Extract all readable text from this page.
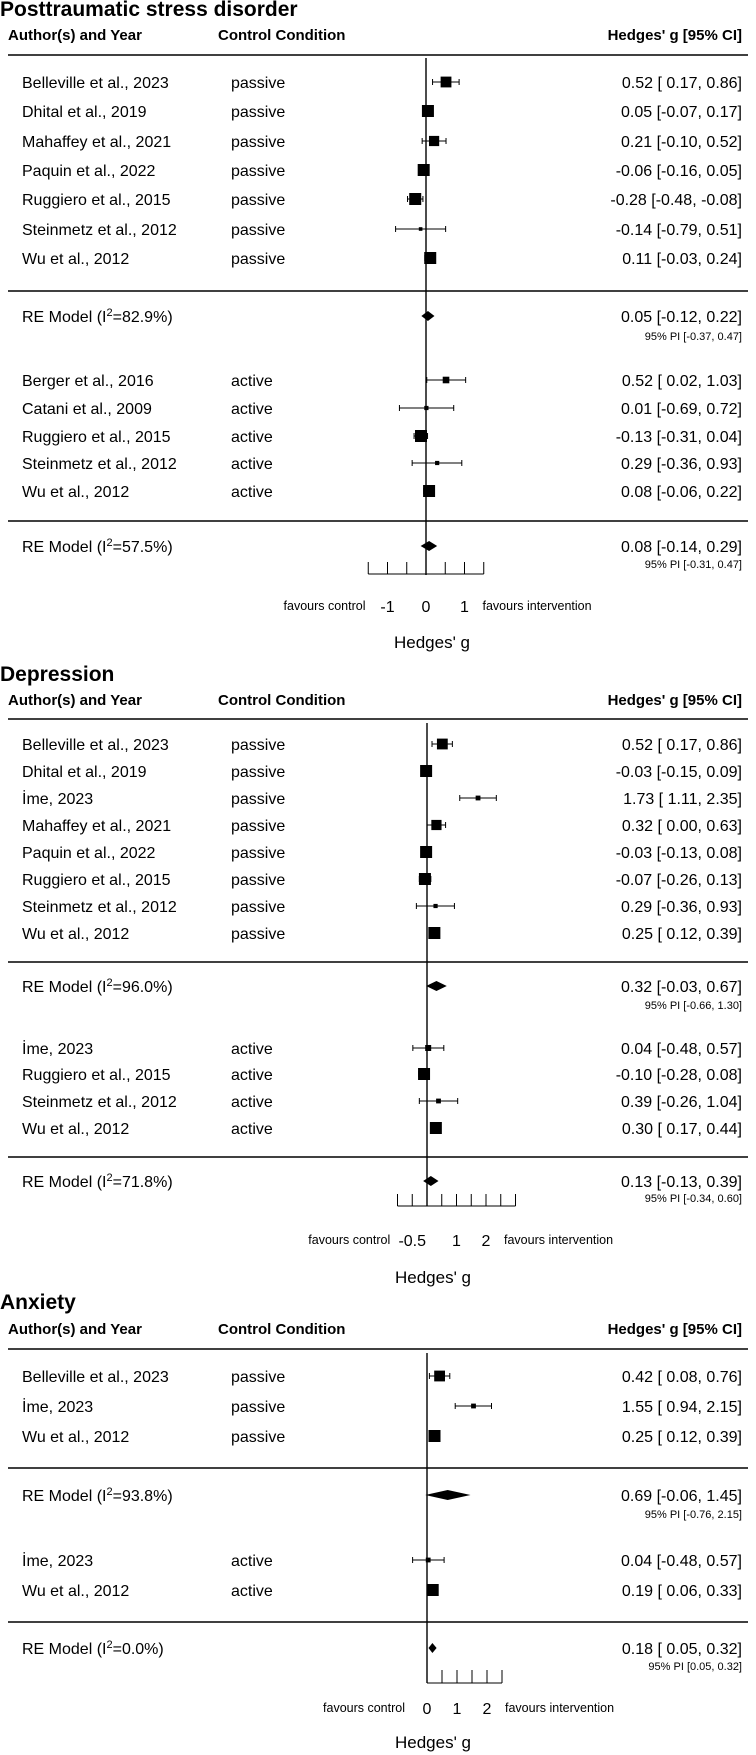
Posttraumatic stress disorder
Author(s) and Year	Control Condition	Hedges' g [95% CI]
Belleville et al., 2023	passive	0.52 [ 0.17, 0.86]
Dhital et al., 2019	passive	0.05 [-0.07, 0.17]
Mahaffey et al., 2021	passive	0.21 [-0.10, 0.52]
Paquin et al., 2022	passive	-0.06 [-0.16, 0.05]
Ruggiero et al., 2015	passive	-0.28 [-0.48, -0.08]
Steinmetz et al., 2012	passive	-0.14 [-0.79, 0.51]
Wu et al., 2012	passive	0.11 [-0.03, 0.24]
RE Model $(I^2=82.9\%)$	0.05 [-0.12, 0.22]
95% PI [-0.37, 0.47]
Berger et al., 2016	active	0.52 [ 0.02, 1.03]
Catani et al., 2009	active	0.01 [-0.69, 0.72]
Ruggiero et al., 2015	active	-0.13 [-0.31, 0.04]
Steinmetz et al., 2012	active	0.29 [-0.36, 0.93]
Wu et al., 2012	active	0.08 [-0.06, 0.22]
RE Model $(I^2=57.5\%)$	0.08 [-0.14, 0.29]
95% PI [-0.31, 0.47]
-1 0 1
favours control	favours intervention
Hedges' g
Depression
Author(s) and Year	Control Condition	Hedges' g [95% CI]
Belleville et al., 2023	passive	0.52 [ 0.17, 0.86]
Dhital et al., 2019	passive	-0.03 [-0.15, 0.09]
İme, 2023	passive	1.73 [ 1.11, 2.35]
Mahaffey et al., 2021	passive	0.32 [ 0.00, 0.63]
Paquin et al., 2022	passive	-0.03 [-0.13, 0.08]
Ruggiero et al., 2015	passive	-0.07 [-0.26, 0.13]
Steinmetz et al., 2012	passive	0.29 [-0.36, 0.93]
Wu et al., 2012	passive	0.25 [ 0.12, 0.39]
RE Model $(I^2=96.0\%)$	0.32 [-0.03, 0.67]
95% PI [-0.66, 1.30]
İme, 2023	active	0.04 [-0.48, 0.57]
Ruggiero et al., 2015	active	-0.10 [-0.28, 0.08]
Steinmetz et al., 2012	active	0.39 [-0.26, 1.04]
Wu et al., 2012	active	0.30 [ 0.17, 0.44]
RE Model $(I^2=71.8\%)$	0.13 [-0.13, 0.39]
95% PI [-0.34, 0.60]
-0.5 1 2
favours control	favours intervention
Hedges' g
Anxiety
Author(s) and Year	Control Condition	Hedges' g [95% CI]
Belleville et al., 2023	passive	0.42 [ 0.08, 0.76]
İme, 2023	passive	1.55 [ 0.94, 2.15]
Wu et al., 2012	passive	0.25 [ 0.12, 0.39]
RE Model $(I^2=93.8\%)$	0.69 [-0.06, 1.45]
95% PI [-0.76, 2.15]
İme, 2023	active	0.04 [-0.48, 0.57]
Wu et al., 2012	active	0.19 [ 0.06, 0.33]
RE Model $(I^2=0.0\%)$	0.18 [ 0.05, 0.32]
95% PI [0.05, 0.32]
0 1 2
favours control	favours intervention
Hedges' g
